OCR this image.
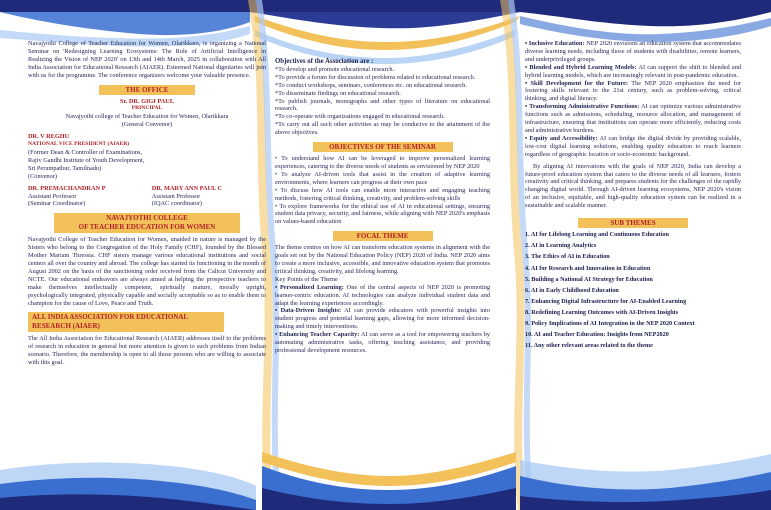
Navajyothi College of Teacher Education for Women, Olarikkara, is organizing a National Seminar on 'Redesigning Learning Ecosystems: The Role of Artificial Intelligence in Realizing the Vision of NEP 2020' on 13th and 14th March, 2025 in collaboration with All India Association for Educational Research (AIAER). Esteemed National dignitaries will join with us for the programme. The conference organizers welcome your valuable presence.
THE OFFICE
Sr. DR. GIGI PAUL
PRINCIPAL
Navajyothi college of Teacher Education for Women, Olarikkara
(General Convenor)
DR. V REGHU
NATIONAL VICE PRESIDENT (AIAER)
(Former Dean & Controller of Examinations,
Rajiv Gandhi Institute of Youth Development,
Sri Perumpathur, Tamilnadu)
(Convenor)
DR. PREMACHANDRAN P
Assistant Professor
(Seminar Coordinator)
DR. MARY ANN PAUL C
Assistant Professor
(IQAC coordinator)
NAVAJYOTHI COLLEGE
OF TEACHER EDUCATION FOR WOMEN
Navajyothi College of Teacher Education for Women, unaided in nature is managed by the Sisters who belong to the Congregation of the Holy Family (CHF), founded by the Blessed Mother Mariam Thressia. CHF sisters manage various educational institutions and social centers all over the country and abroad. The college has started its functioning in the month of August 2002 on the basis of the sanctioning order received from the Calicut University and NCTE. Our educational endeavors are always aimed at helping the prospective teachers to make themselves intellectually competent, spiritually mature, morally upright, psychologically integrated, physically capable and socially acceptable so as to enable them to champion for the cause of Love, Peace and Truth.
ALL INDIA ASSOCIATION FOR EDUCATIONAL
RESEARCH (AIAER)
The All India Association for Educational Research (AIAER) addresses itself to the problems of research in education in general but more attention is given to such problems from Indian scenario. Therefore, the membership is open to all those persons who are willing to associate with this goal.
Objectives of the Association are :
*To develop and promote educational research.
*To provide a forum for discussion of problems related to educational research.
*To conduct workshops, seminars, conferences etc. on educational research.
*To disseminate findings on educational research.
*To publish journals, monographs and other types of literature on educational research.
*To co-operate with organizations engaged in educational research.
*To carry out all such other activities as may be conducive to the attainment of the above objectives.
OBJECTIVES OF THE SEMINAR
• To understand how AI can be leveraged to improve personalized learning experiences, catering to the diverse needs of students as envisioned by NEP 2020
• To analyze AI-driven tools that assist in the creation of adaptive learning environments, where learners can progress at their own pace
• To discuss how AI tools can enable more interactive and engaging teaching methods, fostering critical thinking, creativity, and problem-solving skills
• To explore frameworks for the ethical use of AI in educational settings, ensuring student data privacy, security, and fairness, while aligning with NEP 2020's emphasis on values-based education
FOCAL THEME
The theme centres on how AI can transform education systems in alignment with the goals set out by the National Education Policy (NEP) 2020 of India. NEP 2020 aims to create a more inclusive, accessible, and innovative education system that promotes critical thinking, creativity, and lifelong learning.
Key Points of the Theme
• Personalized Learning: One of the central aspects of NEP 2020 is promoting learner-centric education. AI technologies can analyze individual student data and adapt the learning experiences accordingly.
• Data-Driven Insights: AI can provide educators with powerful insights into student progress and potential learning gaps, allowing for more informed decision-making and timely interventions.
• Enhancing Teacher Capacity: AI can serve as a tool for empowering teachers by automating administrative tasks, offering teaching assistance, and providing professional development resources.
• Inclusive Education: NEP 2020 envisions an education system that accommodates diverse learning needs, including those of students with disabilities, remote learners, and underprivileged groups.
• Blended and Hybrid Learning Models: AI can support the shift to blended and hybrid learning models, which are increasingly relevant in post-pandemic education.
• Skill Development for the Future: The NEP 2020 emphasizes the need for fostering skills relevant to the 21st century, such as problem-solving, critical thinking, and digital literacy.
• Transforming Administrative Functions: AI can optimize various administrative functions such as admissions, scheduling, resource allocation, and management of infrastructure, ensuring that institutions can operate more efficiently, reducing costs and administrative burdens.
• Equity and Accessibility: AI can bridge the digital divide by providing scalable, low-cost digital learning solutions, enabling quality education to reach learners regardless of geographic location or socio-economic background.
By aligning AI innovations with the goals of NEP 2020, India can develop a future-proof education system that caters to the diverse needs of all learners, fosters creativity and critical thinking, and prepares students for the challenges of the rapidly changing digital world. Through AI-driven learning ecosystems, NEP 2020's vision of an inclusive, equitable, and high-quality education system can be realized in a sustainable and scalable manner.
SUB THEMES
1. AI for Lifelong Learning and Continuous Education
2. AI in Learning Analytics
3. The Ethics of AI in Education
4. AI for Research and Innovation in Education
5. Building a National AI Strategy for Education
6. AI in Early Childhood Education
7. Enhancing Digital Infrastructure for AI-Enabled Learning
8. Redefining Learning Outcomes with AI-Driven Insights
9. Policy Implications of AI Integration in the NEP 2020 Context
10. AI and Teacher Education: Insights from NEP2020
11. Any other relevant areas related to the theme
